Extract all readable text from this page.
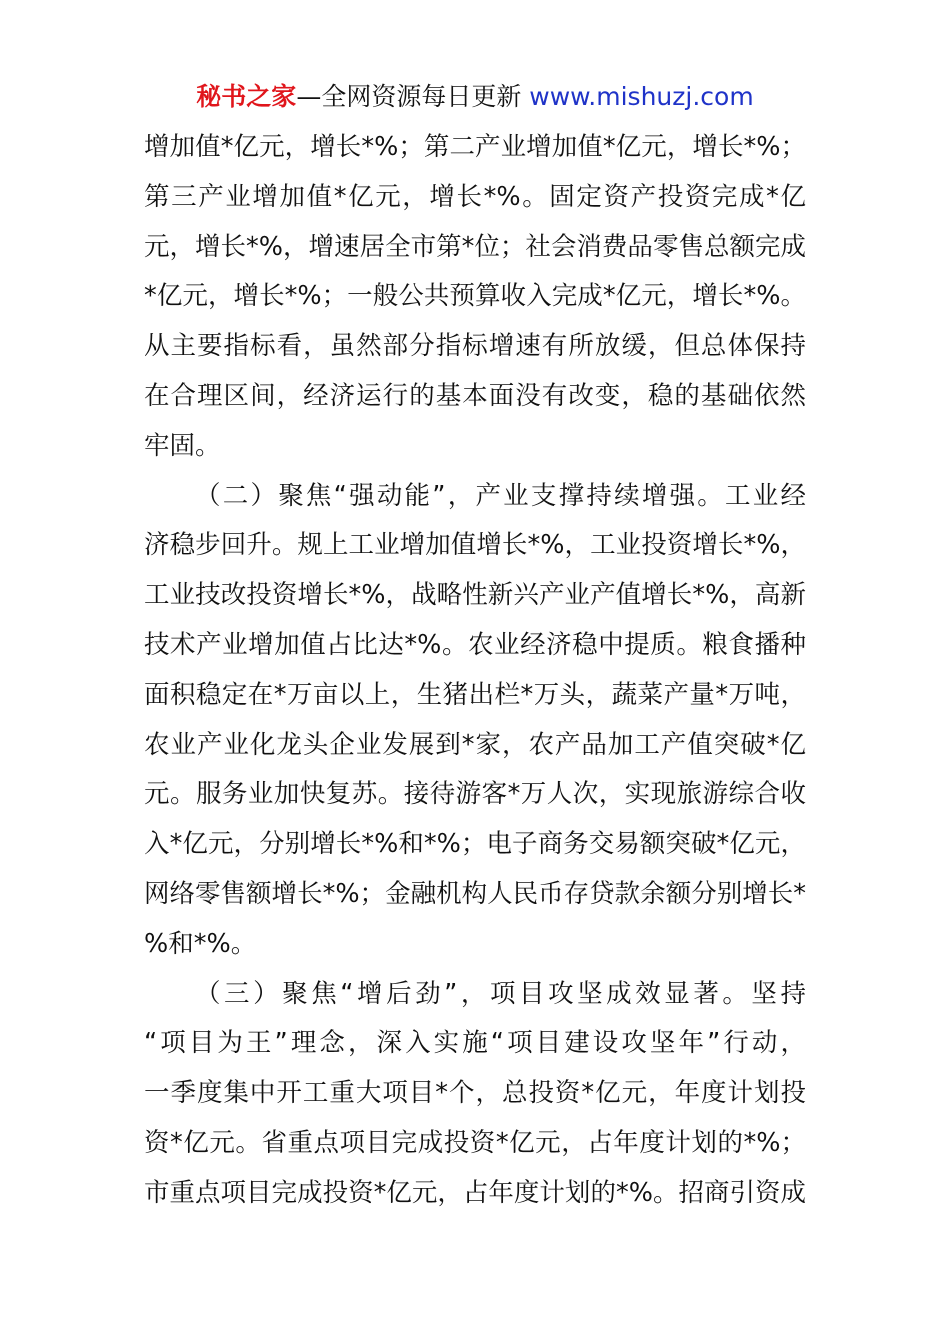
秘书之家—全网资源每日更新 www.mishuzj.com
增加值*亿元，增长*%；第二产业增加值*亿元，增长*%；
第三产业增加值*亿元，增长*%。固定资产投资完成*亿
元，增长*%，增速居全市第*位；社会消费品零售总额完成
*亿元，增长*%；一般公共预算收入完成*亿元，增长*%。
从主要指标看，虽然部分指标增速有所放缓，但总体保持
在合理区间，经济运行的基本面没有改变，稳的基础依然
牢固。
（二）聚焦“强动能”，产业支撑持续增强。工业经
济稳步回升。规上工业增加值增长*%，工业投资增长*%，
工业技改投资增长*%，战略性新兴产业产值增长*%，高新
技术产业增加值占比达*%。农业经济稳中提质。粮食播种
面积稳定在*万亩以上，生猪出栏*万头，蔬菜产量*万吨，
农业产业化龙头企业发展到*家，农产品加工产值突破*亿
元。服务业加快复苏。接待游客*万人次，实现旅游综合收
入*亿元，分别增长*%和*%；电子商务交易额突破*亿元，
网络零售额增长*%；金融机构人民币存贷款余额分别增长*
%和*%。
（三）聚焦“增后劲”，项目攻坚成效显著。坚持
“项目为王”理念，深入实施“项目建设攻坚年”行动，
一季度集中开工重大项目*个，总投资*亿元，年度计划投
资*亿元。省重点项目完成投资*亿元，占年度计划的*%；
市重点项目完成投资*亿元，占年度计划的*%。招商引资成
